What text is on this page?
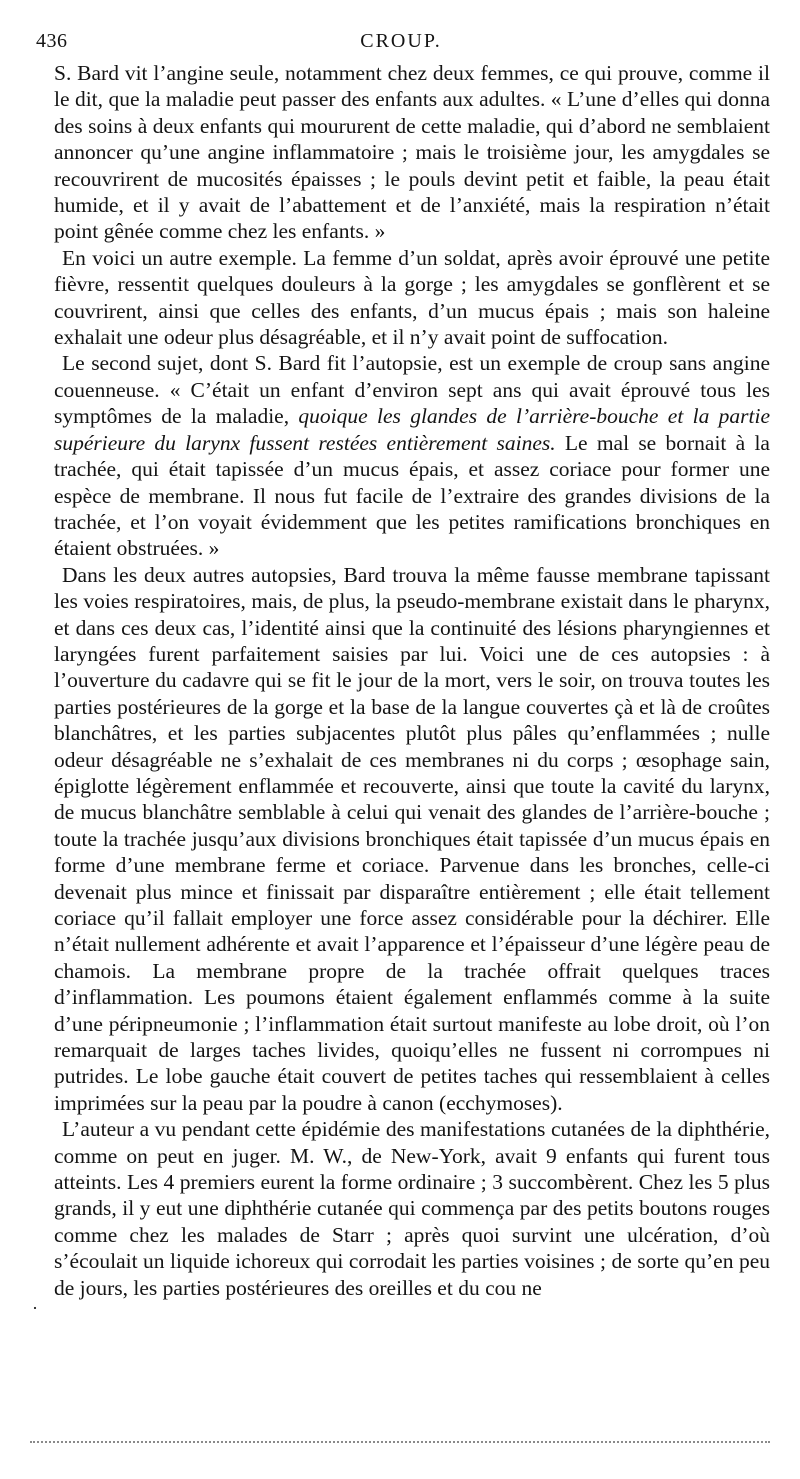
436	CROUP.

S. Bard vit l’angine seule, notamment chez deux femmes, ce qui prouve, comme il le dit, que la maladie peut passer des enfants aux adultes. « L’une d’elles qui donna des soins à deux enfants qui moururent de cette maladie, qui d’abord ne semblaient annoncer qu’une angine inflammatoire ; mais le troisième jour, les amygdales se recouvrirent de mucosités épaisses ; le pouls devint petit et faible, la peau était humide, et il y avait de l’abattement et de l’anxiété, mais la respiration n’était point gênée comme chez les enfants. »

En voici un autre exemple. La femme d’un soldat, après avoir éprouvé une petite fièvre, ressentit quelques douleurs à la gorge ; les amygdales se gonflèrent et se couvrirent, ainsi que celles des enfants, d’un mucus épais ; mais son haleine exhalait une odeur plus désagréable, et il n’y avait point de suffocation.

Le second sujet, dont S. Bard fit l’autopsie, est un exemple de croup sans angine couenneuse. « C’était un enfant d’environ sept ans qui avait éprouvé tous les symptômes de la maladie, quoique les glandes de l’arrière-bouche et la partie supérieure du larynx fussent restées entièrement saines. Le mal se bornait à la trachée, qui était tapissée d’un mucus épais, et assez coriace pour former une espèce de membrane. Il nous fut facile de l’extraire des grandes divisions de la trachée, et l’on voyait évidemment que les petites ramifications bronchiques en étaient obstruées. »

Dans les deux autres autopsies, Bard trouva la même fausse membrane tapissant les voies respiratoires, mais, de plus, la pseudo-membrane existait dans le pharynx, et dans ces deux cas, l’identité ainsi que la continuité des lésions pharyngiennes et laryngées furent parfaitement saisies par lui. Voici une de ces autopsies : à l’ouverture du cadavre qui se fit le jour de la mort, vers le soir, on trouva toutes les parties postérieures de la gorge et la base de la langue couvertes çà et là de croûtes blanchâtres, et les parties subjacentes plutôt plus pâles qu’enflammées ; nulle odeur désagréable ne s’exhalait de ces membranes ni du corps ; œsophage sain, épiglotte légèrement enflammée et recouverte, ainsi que toute la cavité du larynx, de mucus blanchâtre semblable à celui qui venait des glandes de l’arrière-bouche ; toute la trachée jusqu’aux divisions bronchiques était tapissée d’un mucus épais en forme d’une membrane ferme et coriace. Parvenue dans les bronches, celle-ci devenait plus mince et finissait par disparaître entièrement ; elle était tellement coriace qu’il fallait employer une force assez considérable pour la déchirer. Elle n’était nullement adhérente et avait l’apparence et l’épaisseur d’une légère peau de chamois. La membrane propre de la trachée offrait quelques traces d’inflammation. Les poumons étaient également enflammés comme à la suite d’une péripneumonie ; l’inflammation était surtout manifeste au lobe droit, où l’on remarquait de larges taches livides, quoiqu’elles ne fussent ni corrompues ni putrides. Le lobe gauche était couvert de petites taches qui ressemblaient à celles imprimées sur la peau par la poudre à canon (ecchymoses).

L’auteur a vu pendant cette épidémie des manifestations cutanées de la diphthérie, comme on peut en juger. M. W., de New-York, avait 9 enfants qui furent tous atteints. Les 4 premiers eurent la forme ordinaire ; 3 succombèrent. Chez les 5 plus grands, il y eut une diphthérie cutanée qui commença par des petits boutons rouges comme chez les malades de Starr ; après quoi survint une ulcération, d’où s’écoulait un liquide ichoreux qui corrodait les parties voisines ; de sorte qu’en peu de jours, les parties postérieures des oreilles et du cou ne

·
